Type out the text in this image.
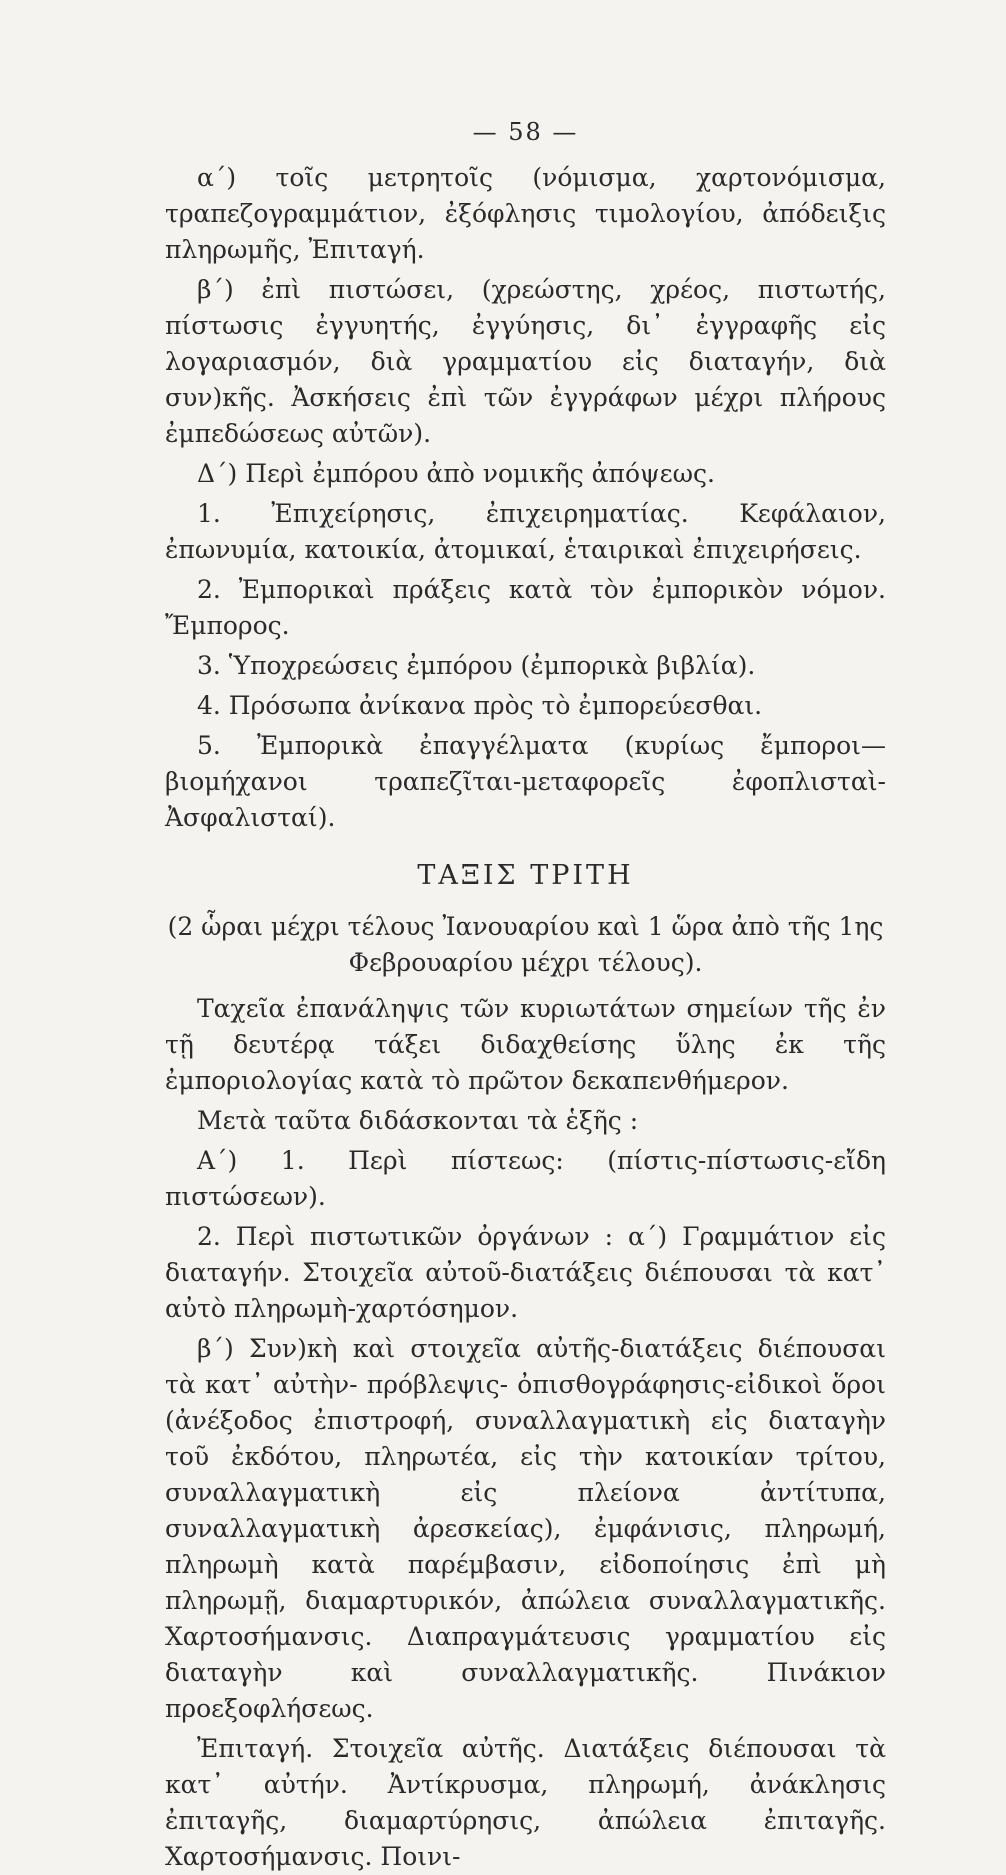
— 58 —

α΄) τοῖς μετρητοῖς (νόμισμα, χαρτονόμισμα, τραπεζογραμμάτιον, ἐξόφλησις τιμολογίου, ἀπόδειξις πληρωμῆς, Ἐπιταγή.

β΄) ἐπὶ πιστώσει, (χρεώστης, χρέος, πιστωτής, πίστωσις ἐγγυητής, ἐγγύησις, δι᾽ ἐγγραφῆς εἰς λογαριασμόν, διὰ γραμματίου εἰς διαταγήν, διὰ συν)κῆς. Ἀσκήσεις ἐπὶ τῶν ἐγγράφων μέχρι πλήρους ἐμπεδώσεως αὐτῶν).

Δ΄) Περὶ ἐμπόρου ἀπὸ νομικῆς ἀπόψεως.

1. Ἐπιχείρησις, ἐπιχειρηματίας. Κεφάλαιον, ἐπωνυμία, κατοικία, ἀτομικαί, ἑταιρικαὶ ἐπιχειρήσεις.

2. Ἐμπορικαὶ πράξεις κατὰ τὸν ἐμπορικὸν νόμον. Ἔμπορος.

3. Ὑποχρεώσεις ἐμπόρου (ἐμπορικὰ βιβλία).

4. Πρόσωπα ἀνίκανα πρὸς τὸ ἐμπορεύεσθαι.

5. Ἐμπορικὰ ἐπαγγέλματα (κυρίως ἔμποροι—βιομήχανοι τραπεζῖται-μεταφορεῖς ἐφοπλισταὶ-Ἀσφαλισταί).

ΤΑΞΙΣ ΤΡΙΤΗ

(2 ὧραι μέχρι τέλους Ἰανουαρίου καὶ 1 ὥρα ἀπὸ τῆς 1ης Φεβρουαρίου μέχρι τέλους).

Ταχεῖα ἐπανάληψις τῶν κυριωτάτων σημείων τῆς ἐν τῇ δευτέρᾳ τάξει διδαχθείσης ὕλης ἐκ τῆς ἐμποριολογίας κατὰ τὸ πρῶτον δεκαπενθήμερον.

Μετὰ ταῦτα διδάσκονται τὰ ἑξῆς :

Α΄) 1. Περὶ πίστεως: (πίστις-πίστωσις-εἴδη πιστώσεων).

2. Περὶ πιστωτικῶν ὀργάνων : α΄) Γραμμάτιον εἰς διαταγήν. Στοιχεῖα αὐτοῦ-διατάξεις διέπουσαι τὰ κατ᾽ αὐτὸ πληρωμὴ-χαρτόσημον.

β΄) Συν)κὴ καὶ στοιχεῖα αὐτῆς-διατάξεις διέπουσαι τὰ κατ᾽ αὐτὴν- πρόβλεψις- ὀπισθογράφησις-εἰδικοὶ ὅροι (ἀνέξοδος ἐπιστροφή, συναλλαγματικὴ εἰς διαταγὴν τοῦ ἐκδότου, πληρωτέα, εἰς τὴν κατοικίαν τρίτου, συναλλαγματικὴ εἰς πλείονα ἀντίτυπα, συναλλαγματικὴ ἀρεσκείας), ἐμφάνισις, πληρωμή, πληρωμὴ κατὰ παρέμβασιν, εἰδοποίησις ἐπὶ μὴ πληρωμῇ, διαμαρτυρικόν, ἀπώλεια συναλλαγματικῆς. Χαρτοσήμανσις. Διαπραγμάτευσις γραμματίου εἰς διαταγὴν καὶ συναλλαγματικῆς. Πινάκιον προεξοφλήσεως.

Ἐπιταγή. Στοιχεῖα αὐτῆς. Διατάξεις διέπουσαι τὰ κατ᾽ αὐτήν. Ἀντίκρυσμα, πληρωμή, ἀνάκλησις ἐπιταγῆς, διαμαρτύρησις, ἀπώλεια ἐπιταγῆς. Χαρτοσήμανσις. Ποινι-
